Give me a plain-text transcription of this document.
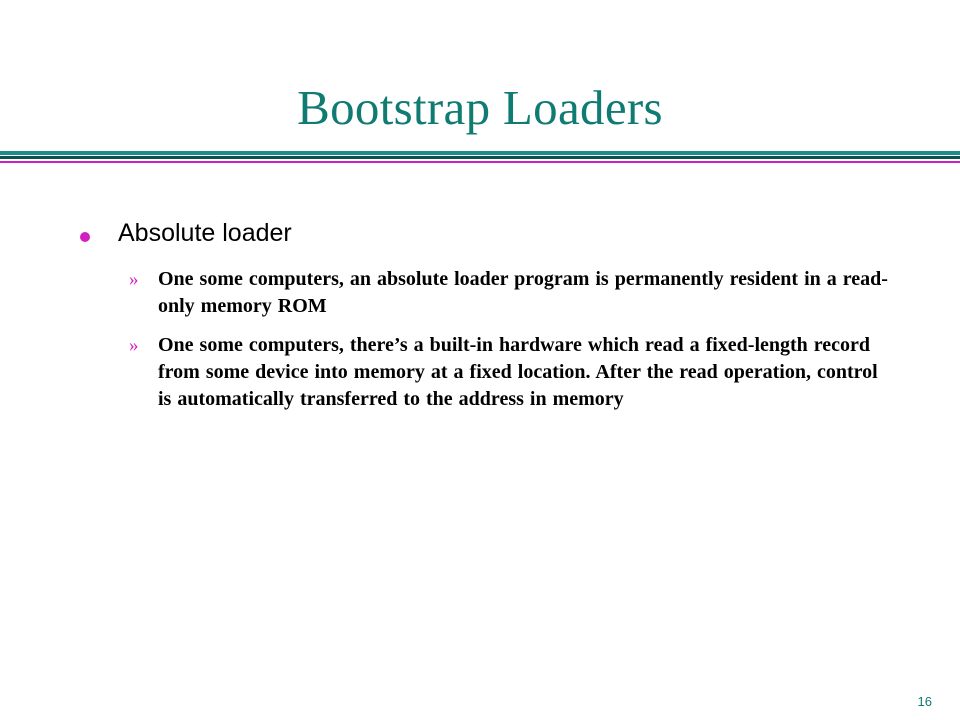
Bootstrap Loaders
Absolute loader
» One some computers, an absolute loader program is permanently resident in a read-only memory ROM
» One some computers, there’s a built-in hardware which read a fixed-length record from some device into memory at a fixed location. After the read operation, control is automatically transferred to the address in memory
16
